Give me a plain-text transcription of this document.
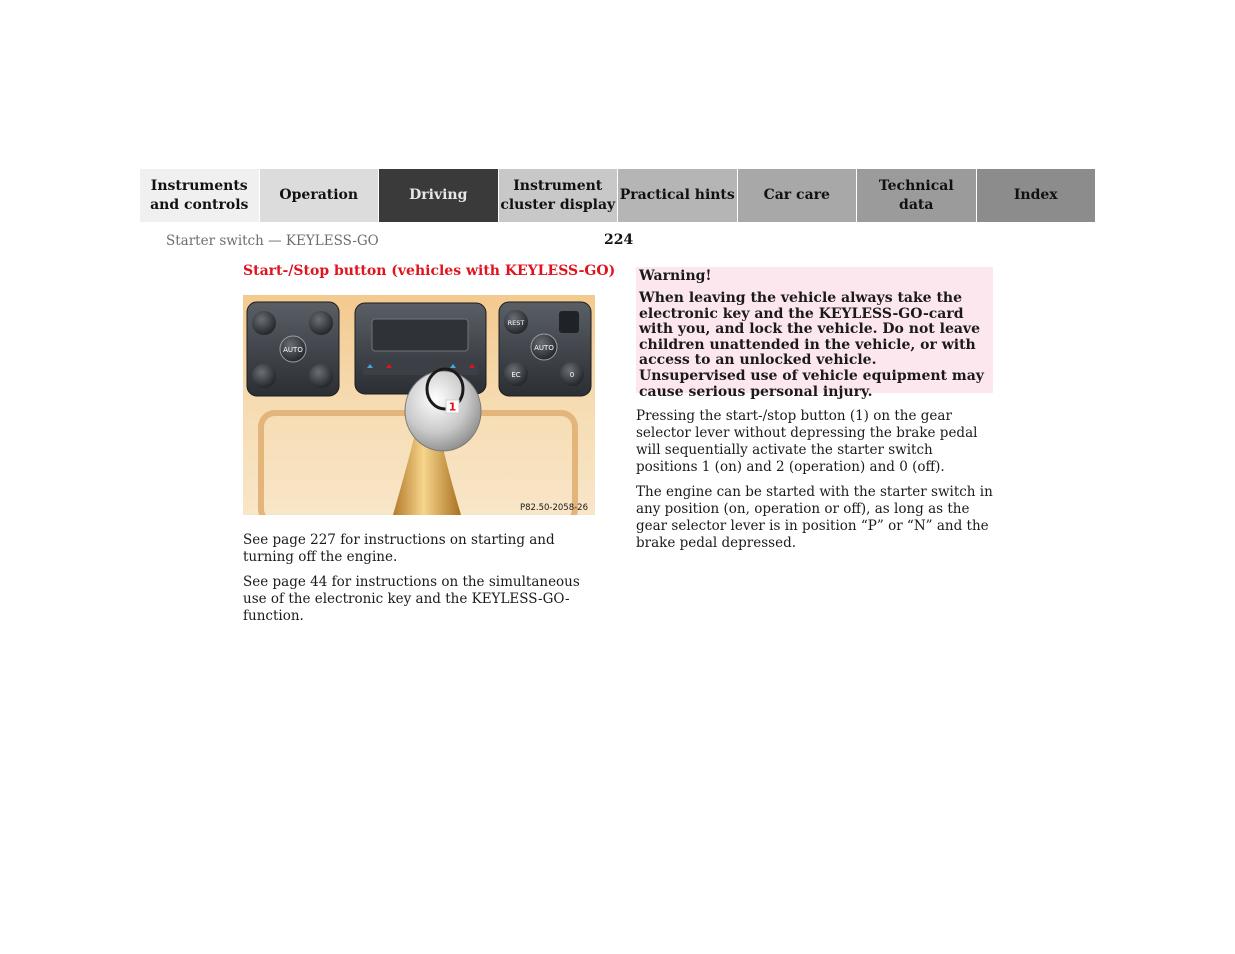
Instruments
and controls
Operation	Driving
Instrument
cluster display
Practical hints	Car care
Technical
data
Index
Starter switch — KEYLESS-GO	224
Start-/Stop button (vehicles with KEYLESS-GO)
AUTO
REST
AUTO
EC	0
1
P82.50-2058-26

See page 227 for instructions on starting and turning off the engine.

See page 44 for instructions on the simultaneous use of the electronic key and the KEYLESS-GO-function.

Warning!

When leaving the vehicle always take the electronic key and the KEYLESS-GO-card with you, and lock the vehicle. Do not leave children unattended in the vehicle, or with access to an unlocked vehicle. Unsupervised use of vehicle equipment may cause serious personal injury.

Pressing the start-/stop button (1) on the gear selector lever without depressing the brake pedal will sequentially activate the starter switch positions 1 (on) and 2 (operation) and 0 (off).

The engine can be started with the starter switch in any position (on, operation or off), as long as the gear selector lever is in position “P” or “N” and the brake pedal depressed.
